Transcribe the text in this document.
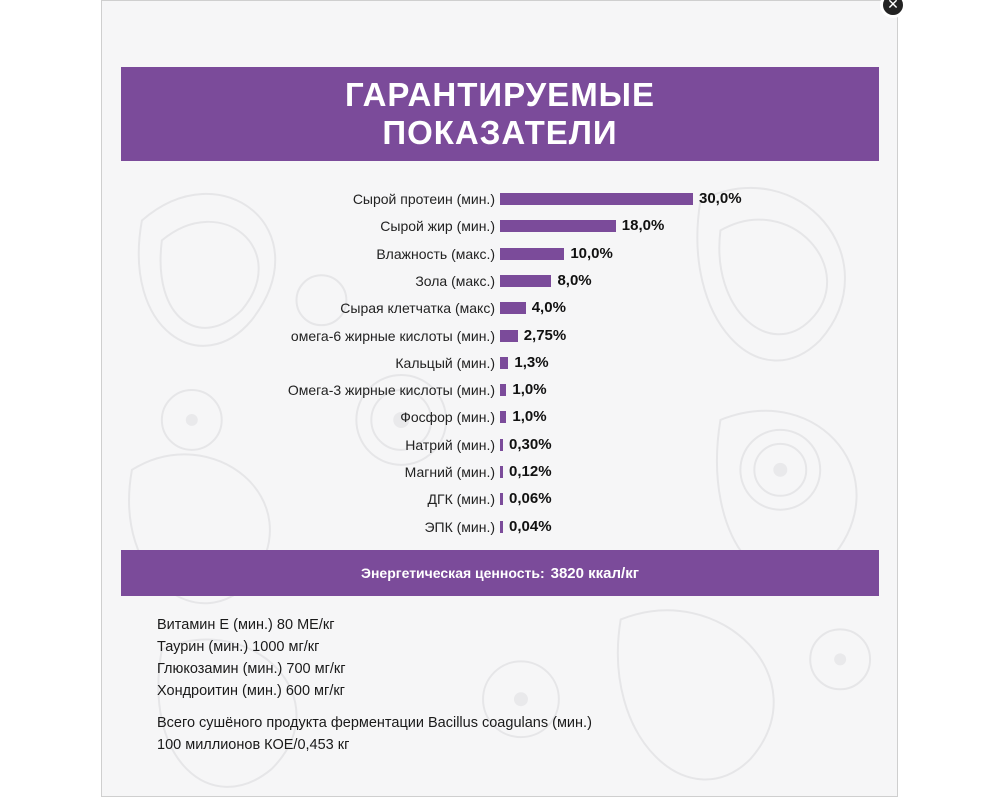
✕
ГАРАНТИРУЕМЫЕ
ПОКАЗАТЕЛИ
Сырой протеин (мин.)	30,0%
Сырой жир (мин.)	18,0%
Влажность (макс.)	10,0%
Зола (макс.)	8,0%
Сырая клетчатка (макс) 4,0%
омега-6 жирные кислоты (мин.) 2,75%
Кальцый (мин.) 1,3%
Омега-3 жирные кислоты (мин.) 1,0%
Фосфор (мин.) 1,0%
Натрий (мин.) 0,30%
Магний (мин.) 0,12%
ДГК (мин.) 0,06%
ЭПК (мин.) 0,04%
Энергетическая ценность: 3820 ккал/кг
Витамин Е (мин.) 80 МЕ/кг
Таурин (мин.) 1000 мг/кг
Глюкозамин (мин.) 700 мг/кг
Хондроитин (мин.) 600 мг/кг
Всего сушёного продукта ферментации Bacillus coagulans (мин.)
100 миллионов КОЕ/0,453 кг
